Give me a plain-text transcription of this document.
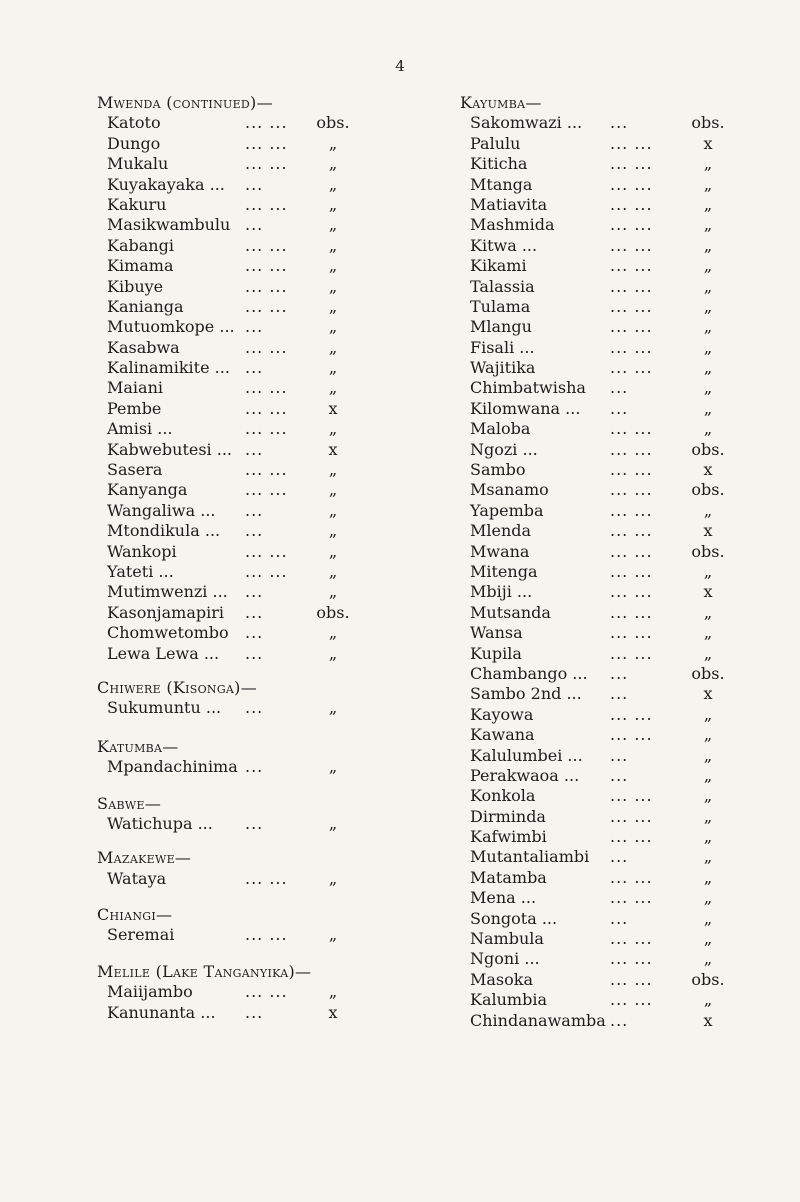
4
Mwenda (continued)—
Katoto	... ... obs.
Dungo	... ...	„
Mukalu	... ...	„
Kuyakayaka ... ...	„
Kakuru	... ...	„
Masikwambulu ...	„
Kabangi	... ...	„
Kimama	... ...	„
Kibuye	... ...	„
Kanianga	... ...	„
Mutuomkope ... ...	„
Kasabwa	... ...	„
Kalinamikite ... ...	„
Maiani	... ...	„
Pembe	... ...	x
Amisi ...	... ...	„
Kabwebutesi ... ...	x
Sasera	... ...	„
Kanyanga	... ...	„
Wangaliwa ... ...	„
Mtondikula ... ...	„
Wankopi	... ...	„
Yateti ...	... ...	„
Mutimwenzi ... ...	„
Kasonjamapiri ...	obs.
Chomwetombo ...	„
Lewa Lewa ... ...	„
Chiwere (Kisonga)—
Sukumuntu ... ...	„
Katumba—
Mpandachinima ...	„
Sabwe—
Watichupa ... ...	„
Mazakewe—
Wataya	... ...	„
Chiangi—
Seremai	... ...	„
Melile (Lake Tanganyika)—
Maiijambo	... ...	„
Kanunanta ... ...	x
Kayumba—
Sakomwazi ... ...	obs.
Palulu	... ...	x
Kiticha	... ...	„
Mtanga	... ...	„
Matiavita	... ...	„
Mashmida	... ...	„
Kitwa ...	... ...	„
Kikami	... ...	„
Talassia	... ...	„
Tulama	... ...	„
Mlangu	... ...	„
Fisali ...	... ...	„
Wajitika	... ...	„
Chimbatwisha ...	„
Kilomwana ... ...	„
Maloba	... ...	„
Ngozi ...	... ... obs.
Sambo	... ...	x
Msanamo	... ... obs.
Yapemba	... ...	„
Mlenda	... ...	x
Mwana	... ... obs.
Mitenga	... ...	„
Mbiji ...	... ...	x
Mutsanda	... ...	„
Wansa	... ...	„
Kupila	... ...	„
Chambango ... ...	obs.
Sambo 2nd ... ...	x
Kayowa	... ...	„
Kawana	... ...	„
Kalulumbei ... ...	„
Perakwaoa ... ...	„
Konkola	... ...	„
Dirminda	... ...	„
Kafwimbi	... ...	„
Mutantaliambi ...	„
Matamba	... ...	„
Mena ...	... ...	„
Songota ...	...	„
Nambula	... ...	„
Ngoni ...	... ...	„
Masoka	... ... obs.
Kalumbia	... ...	„
Chindanawamba ...	x
